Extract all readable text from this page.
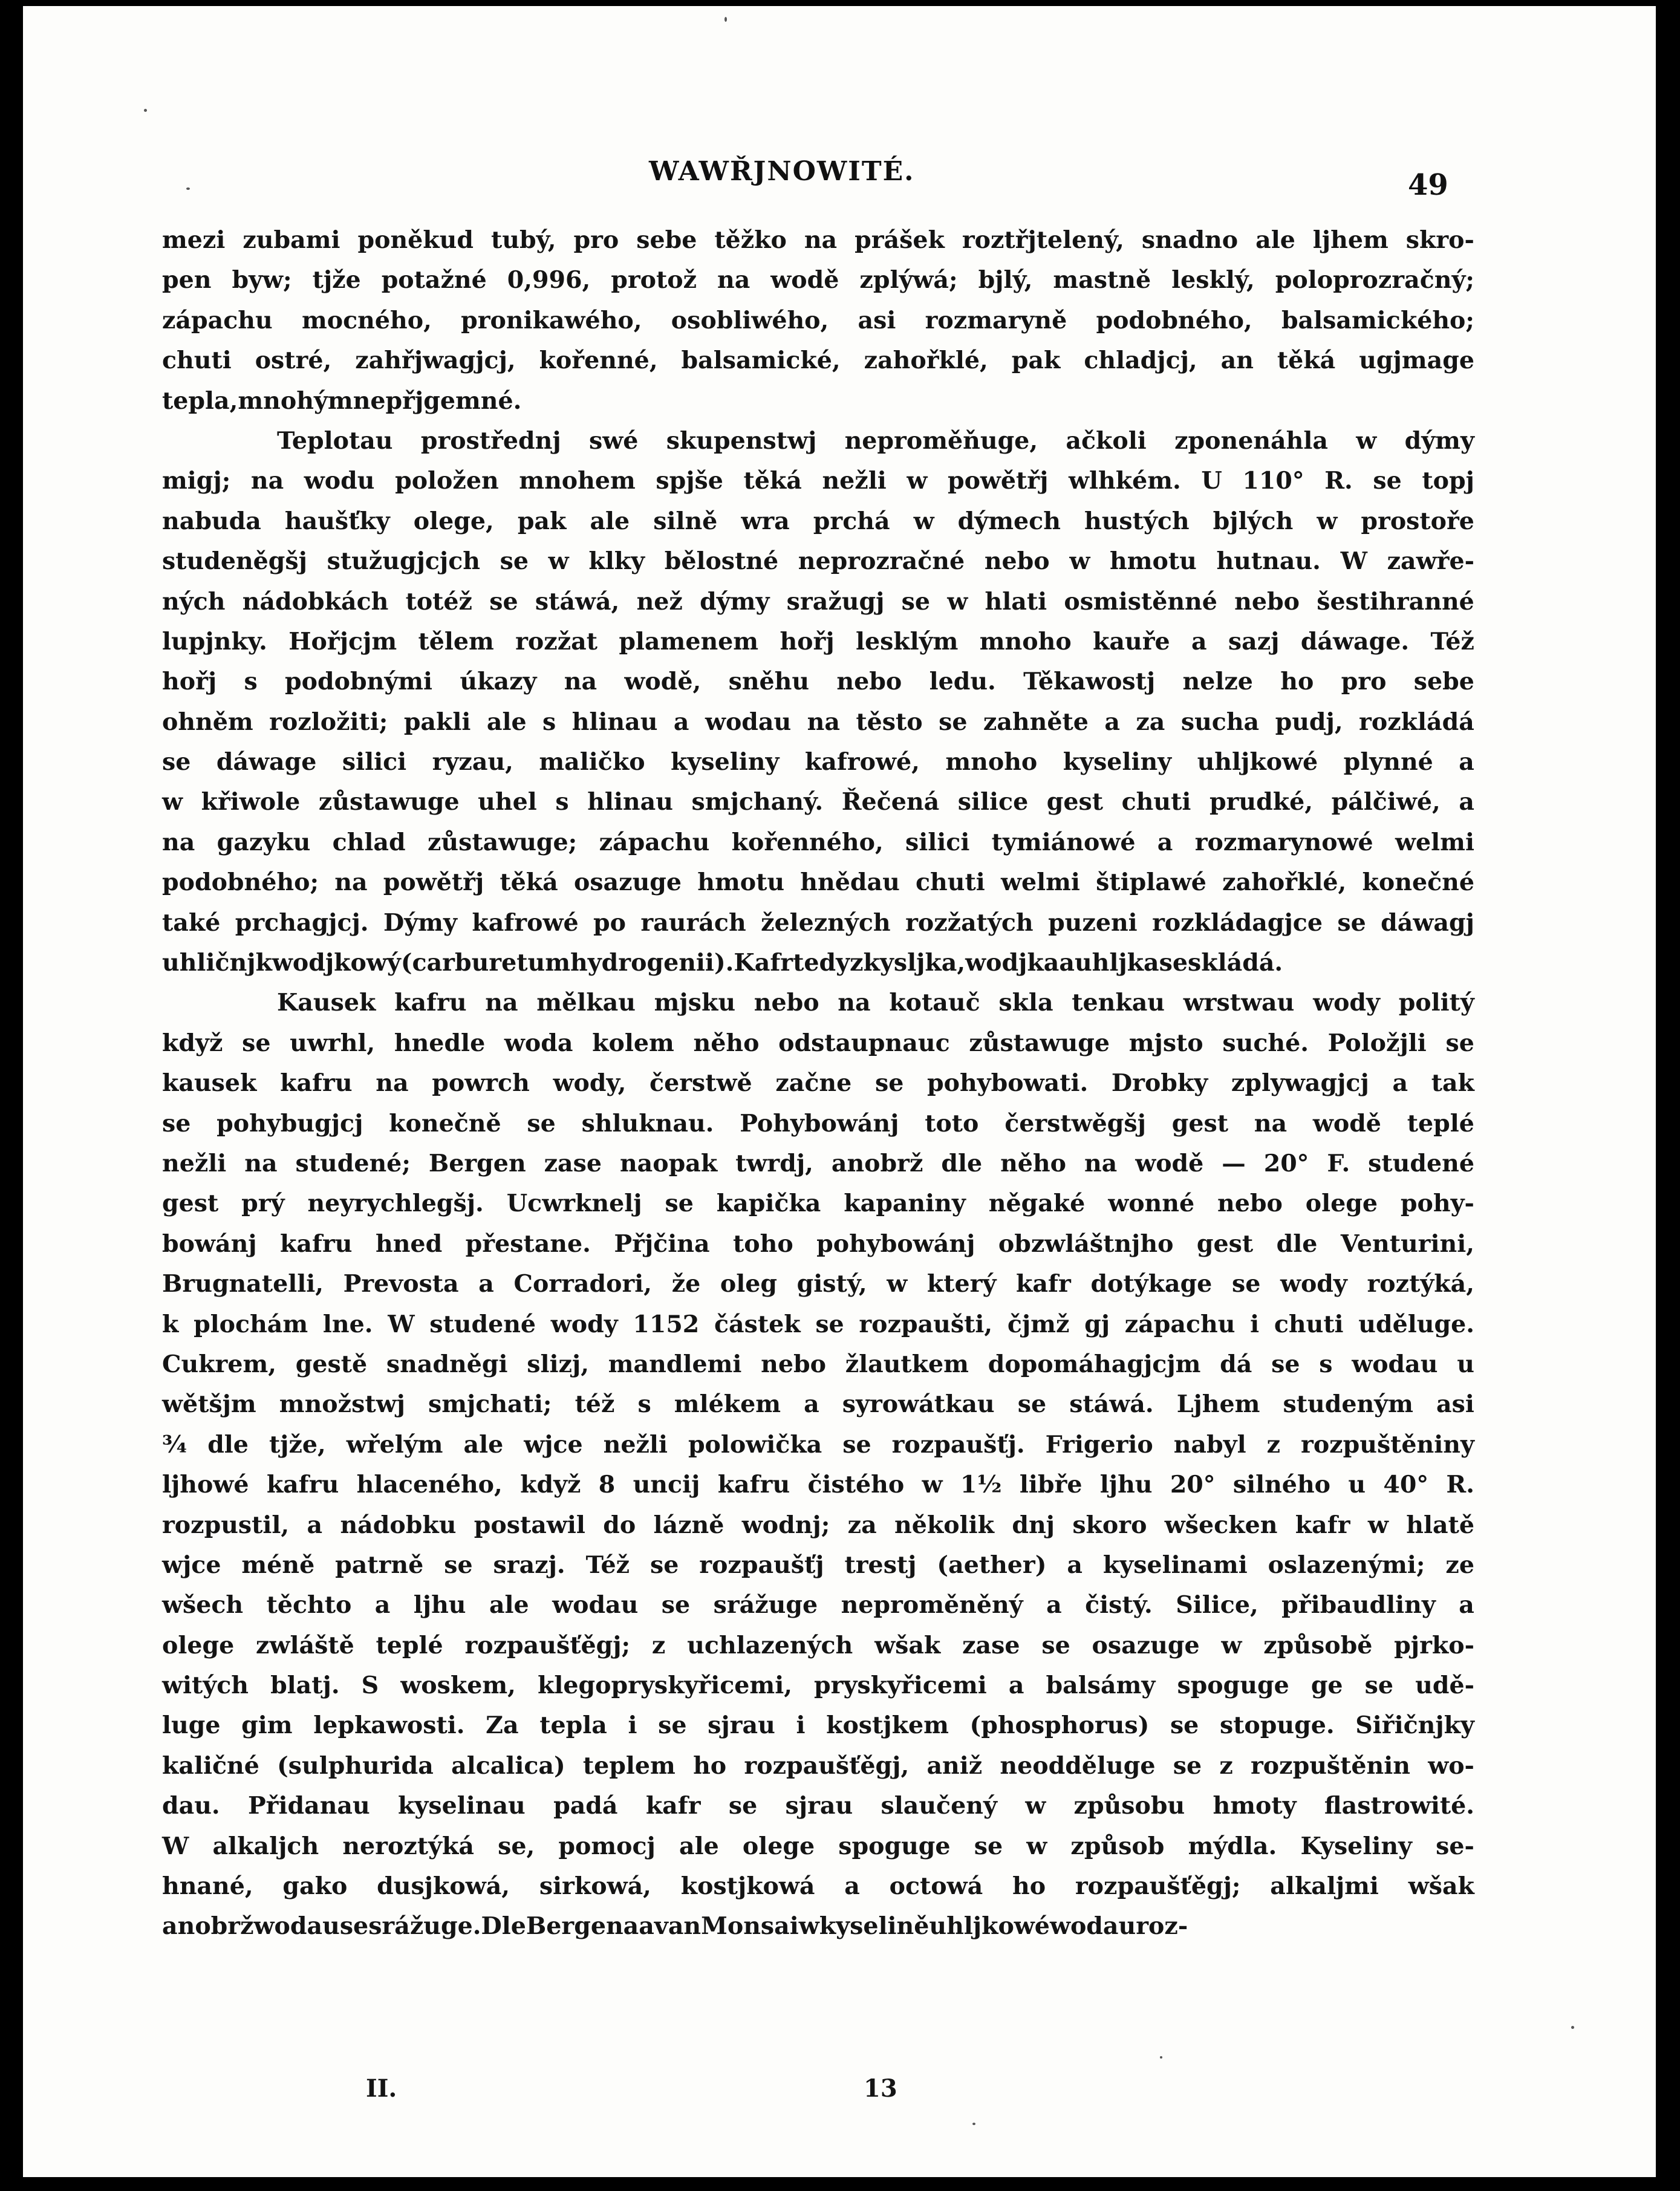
WAWŘJNOWITÉ.	49
mezi zubami poněkud tubý, pro sebe těžko na prášek roztřjtelený, snadno ale ljhem skro-
pen byw; tjže potažné 0,996, protož na wodě zplýwá; bjlý, mastně lesklý, poloprozračný;
zápachu mocného, pronikawého, osobliwého, asi rozmaryně podobného, balsamického;
chuti ostré, zahřjwagjcj, kořenné, balsamické, zahořklé, pak chladjcj, an těká ugjmage
tepla, mnohým nepřjgemné.
Teplotau prostřednj swé skupenstwj neproměňuge, ačkoli zponenáhla w dýmy
migj; na wodu položen mnohem spjše těká nežli w powětřj wlhkém. U 110° R. se topj
nabuda haušťky olege, pak ale silně wra prchá w dýmech hustých bjlých w prostoře
studeněgšj stužugjcjch se w klky bělostné neprozračné nebo w hmotu hutnau. W zawře-
ných nádobkách totéž se stáwá, než dýmy sražugj se w hlati osmistěnné nebo šestihranné
lupjnky. Hořjcjm tělem rozžat plamenem hořj lesklým mnoho kauře a sazj dáwage. Též
hořj s podobnými úkazy na wodě, sněhu nebo ledu. Těkawostj nelze ho pro sebe
ohněm rozložiti; pakli ale s hlinau a wodau na těsto se zahněte a za sucha pudj, rozkládá
se dáwage silici ryzau, maličko kyseliny kafrowé, mnoho kyseliny uhljkowé plynné a
w křiwole zůstawuge uhel s hlinau smjchaný. Řečená silice gest chuti prudké, pálčiwé, a
na gazyku chlad zůstawuge; zápachu kořenného, silici tymiánowé a rozmarynowé welmi
podobného; na powětřj těká osazuge hmotu hnědau chuti welmi štiplawé zahořklé, konečné
také prchagjcj. Dýmy kafrowé po raurách železných rozžatých puzeni rozkládagjce se dáwagj
uhličnjk wodjkowý (carburetum hydrogenii). Kafr tedy z kyslјka, wodjka a uhljka se skládá.
Kausek kafru na mělkau mjsku nebo na kotauč skla tenkau wrstwau wody politý
když se uwrhl, hnedle woda kolem něho odstaupnauc zůstawuge mjsto suché. Položjli se
kausek kafru na powrch wody, čerstwě začne se pohybowati. Drobky zplywagjcj a tak
se pohybugjcj konečně se shluknau. Pohybowánj toto čerstwěgšj gest na wodě teplé
nežli na studené; Bergen zase naopak twrdj, anobrž dle něho na wodě — 20° F. studené
gest prý neyrychlegšj. Ucwrknelj se kapička kapaniny něgaké wonné nebo olege pohy-
bowánj kafru hned přestane. Přjčina toho pohybowánj obzwláštnjho gest dle Venturini,
Brugnatelli, Prevosta a Corradori, že oleg gistý, w který kafr dotýkage se wody roztýká,
k plochám lne. W studené wody 1152 částek se rozpaušti, čjmž gj zápachu i chuti uděluge.
Cukrem, gestě snadněgi slizj, mandlemi nebo žlautkem dopomáhagjcjm dá se s wodau u
wětšjm množstwj smjchati; též s mlékem a syrowátkau se stáwá. Ljhem studeným asi
¾ dle tjže, wřelým ale wjce nežli polowička se rozpaušťj. Frigerio nabyl z rozpuštěniny
ljhowé kafru hlaceného, když 8 uncij kafru čistého w 1½ libře ljhu 20° silného u 40° R.
rozpustil, a nádobku postawil do lázně wodnj; za několik dnj skoro wšecken kafr w hlatě
wjce méně patrně se srazj. Též se rozpaušťj trestj (aether) a kyselinami oslazenými; ze
wšech těchto a ljhu ale wodau se srážuge neproměněný a čistý. Silice, přibaudliny a
olege zwláště teplé rozpaušťěgj; z uchlazených wšak zase se osazuge w způsobě pjrko-
witých blatj. S woskem, klegopryskyřicemi, pryskyřicemi a balsámy spoguge ge se udě-
luge gim lepkawosti. Za tepla i se sjrau i kostjkem (phosphorus) se stopuge. Siřičnjky
kaličné (sulphurida alcalica) teplem ho rozpaušťěgj, aniž neodděluge se z rozpuštěnin wo-
dau. Přidanau kyselinau padá kafr se sjrau slaučený w způsobu hmoty flastrowité.
W alkaljch neroztýká se, pomocj ale olege spoguge se w způsob mýdla. Kyseliny se-
hnané, gako dusjkowá, sirkowá, kostjkowá a octowá ho rozpaušťěgj; alkaljmi wšak
anobrž wodau se srážuge. Dle Bergena a van Monsa i w kyselině uhljkowé wodau roz-
II.	13
